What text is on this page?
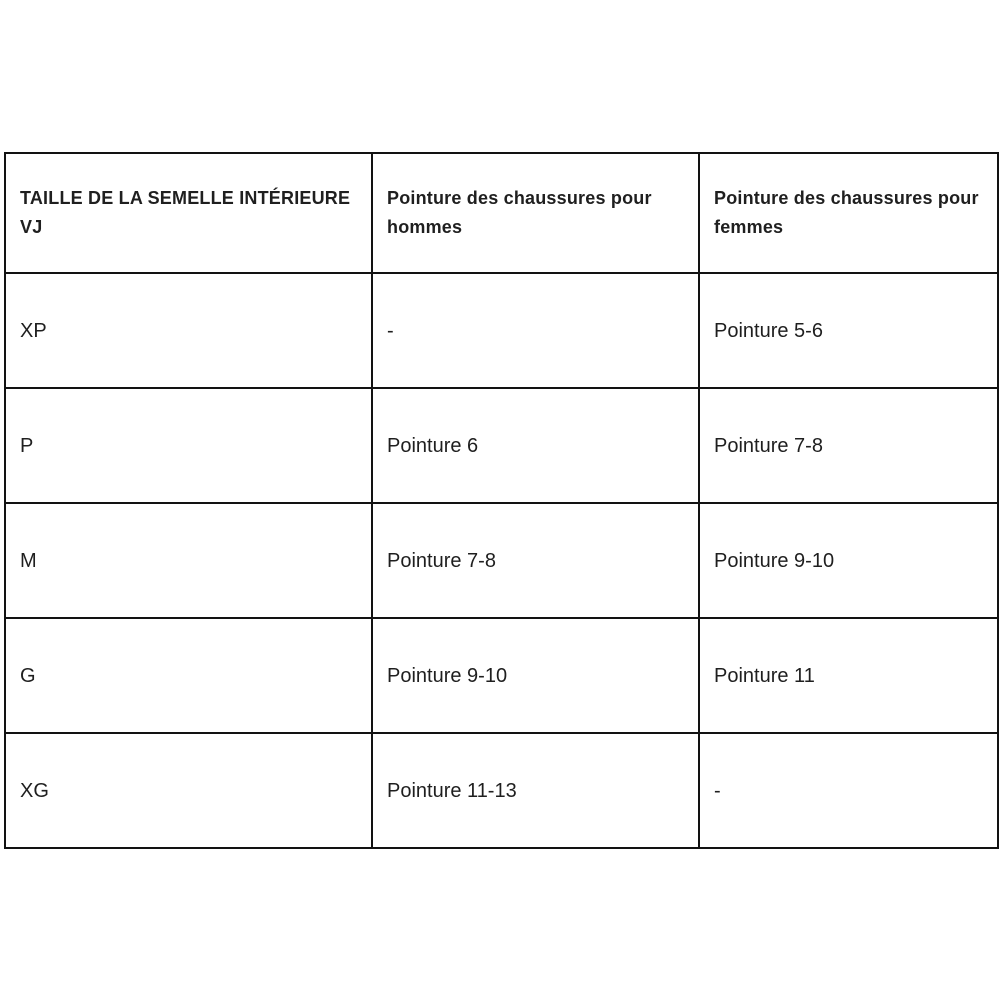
TAILLE DE LA SEMELLE INTÉRIEURE VJ	Pointure des chaussures pour hommes	Pointure des chaussures pour femmes
XP	-	Pointure 5-6
P	Pointure 6	Pointure 7-8
M	Pointure 7-8	Pointure 9-10
G	Pointure 9-10	Pointure 11
XG	Pointure 11-13	-
